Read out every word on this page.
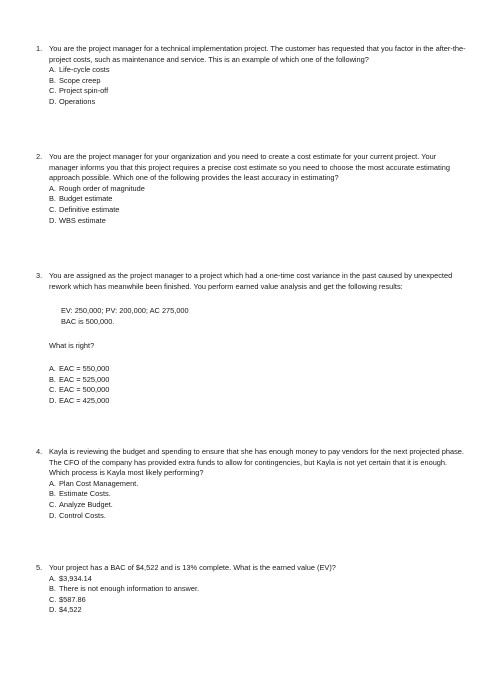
1. You are the project manager for a technical implementation project. The customer has requested that you factor in the after-the-project costs, such as maintenance and service. This is an example of which one of the following?

A. Life-cycle costs
B. Scope creep
C. Project spin-off
D. Operations
2. You are the project manager for your organization and you need to create a cost estimate for your current project. Your manager informs you that this project requires a precise cost estimate so you need to choose the most accurate estimating approach possible. Which one of the following provides the least accuracy in estimating?

A. Rough order of magnitude
B. Budget estimate
C. Definitive estimate
D. WBS estimate
3. You are assigned as the project manager to a project which had a one-time cost variance in the past caused by unexpected rework which has meanwhile been finished. You perform earned value analysis and get the following results:

EV: 250,000; PV: 200,000; AC 275,000

BAC is 500,000.

What is right?

A. EAC = 550,000
B. EAC = 525,000
C. EAC = 500,000
D. EAC = 425,000
4. Kayla is reviewing the budget and spending to ensure that she has enough money to pay vendors for the next projected phase. The CFO of the company has provided extra funds to allow for contingencies, but Kayla is not yet certain that it is enough. Which process is Kayla most likely performing?

A. Plan Cost Management.
B. Estimate Costs.
C. Analyze Budget.
D. Control Costs.
5. Your project has a BAC of $4,522 and is 13% complete. What is the earned value (EV)?

A. $3,934.14
B. There is not enough information to answer.
C. $587.86
D. $4,522
